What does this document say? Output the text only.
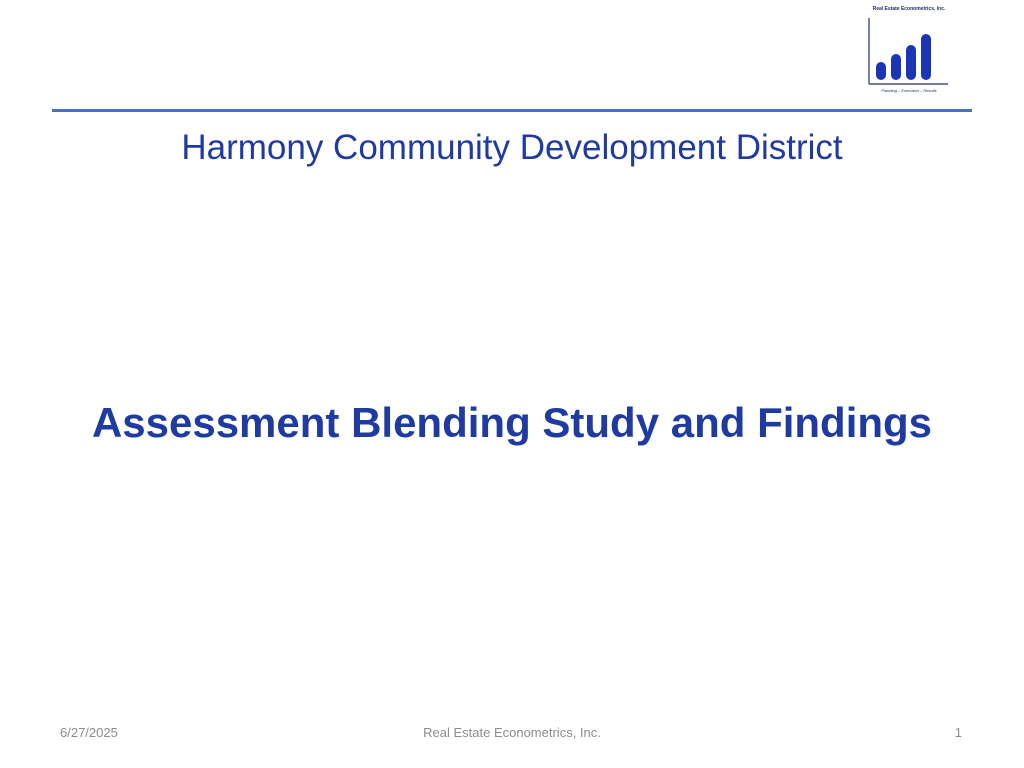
Real Estate Econometrics, Inc.
Planning – Execution – Results
Harmony Community Development District
Assessment Blending Study and Findings
6/27/2025	Real Estate Econometrics, Inc.	1
